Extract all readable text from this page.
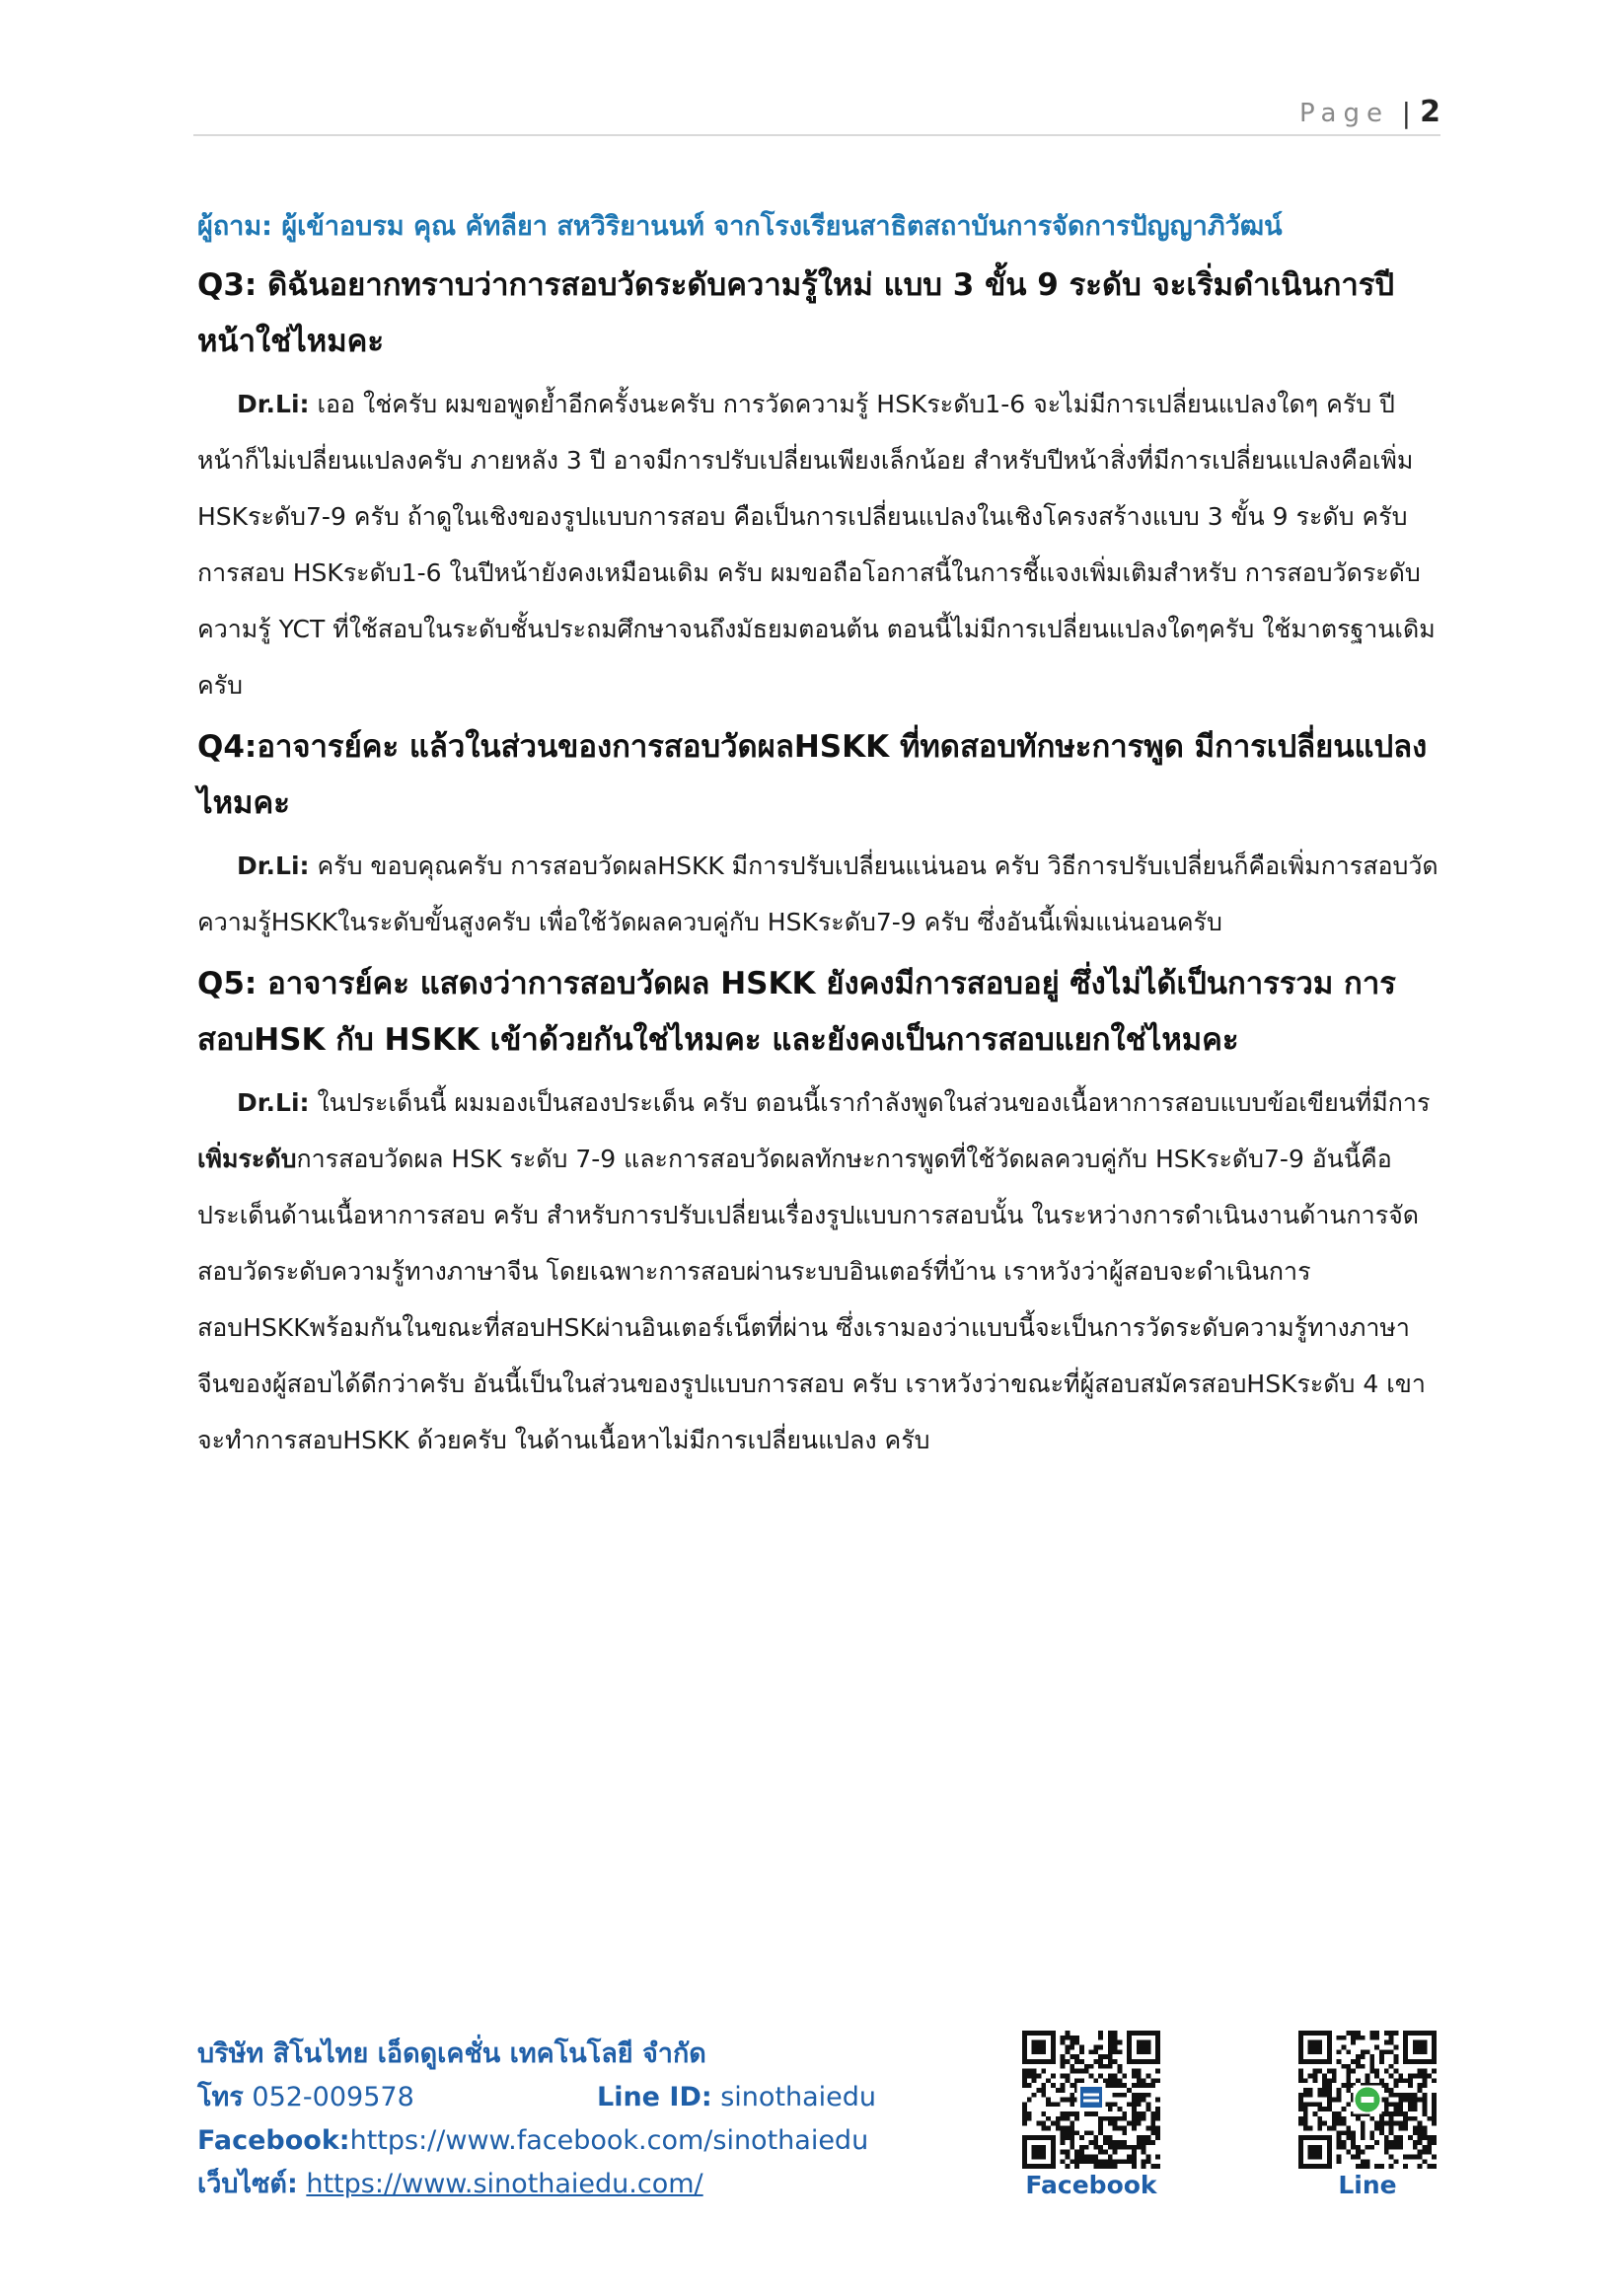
Page | 2

ผู้ถาม: ผู้เข้าอบรม คุณ คัทลียา สหวิริยานนท์ จากโรงเรียนสาธิตสถาบันการจัดการปัญญาภิวัฒน์

Q3: ดิฉันอยากทราบว่าการสอบวัดระดับความรู้ใหม่ แบบ 3 ขั้น 9 ระดับ จะเริ่มดำเนินการปีหน้าใช่ไหมคะ

Dr.Li: เออ ใช่ครับ ผมขอพูดย้ำอีกครั้งนะครับ การวัดความรู้ HSKระดับ1-6 จะไม่มีการเปลี่ยนแปลงใดๆ ครับ ปีหน้าก็ไม่เปลี่ยนแปลงครับ ภายหลัง 3 ปี อาจมีการปรับเปลี่ยนเพียงเล็กน้อย สำหรับปีหน้าสิ่งที่มีการเปลี่ยนแปลงคือเพิ่ม HSKระดับ7-9 ครับ ถ้าดูในเชิงของรูปแบบการสอบ คือเป็นการเปลี่ยนแปลงในเชิงโครงสร้างแบบ 3 ขั้น 9 ระดับ ครับ การสอบ HSKระดับ1-6 ในปีหน้ายังคงเหมือนเดิม ครับ ผมขอถือโอกาสนี้ในการชี้แจงเพิ่มเติมสำหรับ การสอบวัดระดับความรู้ YCT ที่ใช้สอบในระดับชั้นประถมศึกษาจนถึงมัธยมตอนต้น ตอนนี้ไม่มีการเปลี่ยนแปลงใดๆครับ ใช้มาตรฐานเดิม ครับ

Q4:อาจารย์คะ แล้วในส่วนของการสอบวัดผลHSKK ที่ทดสอบทักษะการพูด มีการเปลี่ยนแปลงไหมคะ

Dr.Li: ครับ ขอบคุณครับ การสอบวัดผลHSKK มีการปรับเปลี่ยนแน่นอน ครับ วิธีการปรับเปลี่ยนก็คือเพิ่มการสอบวัดความรู้HSKKในระดับขั้นสูงครับ เพื่อใช้วัดผลควบคู่กับ HSKระดับ7-9 ครับ ซึ่งอันนี้เพิ่มแน่นอนครับ

Q5: อาจารย์คะ แสดงว่าการสอบวัดผล HSKK ยังคงมีการสอบอยู่ ซึ่งไม่ได้เป็นการรวม การสอบHSK กับ HSKK เข้าด้วยกันใช่ไหมคะ และยังคงเป็นการสอบแยกใช่ไหมคะ

Dr.Li: ในประเด็นนี้ ผมมองเป็นสองประเด็น ครับ ตอนนี้เรากำลังพูดในส่วนของเนื้อหาการสอบแบบข้อเขียนที่มีการเพิ่มระดับการสอบวัดผล HSK ระดับ 7-9 และการสอบวัดผลทักษะการพูดที่ใช้วัดผลควบคู่กับ HSKระดับ7-9 อันนี้คือประเด็นด้านเนื้อหาการสอบ ครับ สำหรับการปรับเปลี่ยนเรื่องรูปแบบการสอบนั้น ในระหว่างการดำเนินงานด้านการจัดสอบวัดระดับความรู้ทางภาษาจีน โดยเฉพาะการสอบผ่านระบบอินเตอร์ที่บ้าน เราหวังว่าผู้สอบจะดำเนินการสอบHSKKพร้อมกันในขณะที่สอบHSKผ่านอินเตอร์เน็ตที่ผ่าน ซึ่งเรามองว่าแบบนี้จะเป็นการวัดระดับความรู้ทางภาษาจีนของผู้สอบได้ดีกว่าครับ อันนี้เป็นในส่วนของรูปแบบการสอบ ครับ เราหวังว่าขณะที่ผู้สอบสมัครสอบHSKระดับ 4 เขาจะทำการสอบHSKK ด้วยครับ ในด้านเนื้อหาไม่มีการเปลี่ยนแปลง ครับ

บริษัท สิโนไทย เอ็ดดูเคชั่น เทคโนโลยี จำกัด
โทร 052-009578	Line ID: sinothaiedu
Facebook:https://www.facebook.com/sinothaiedu
เว็บไซต์: https://www.sinothaiedu.com/	Facebook	Line
